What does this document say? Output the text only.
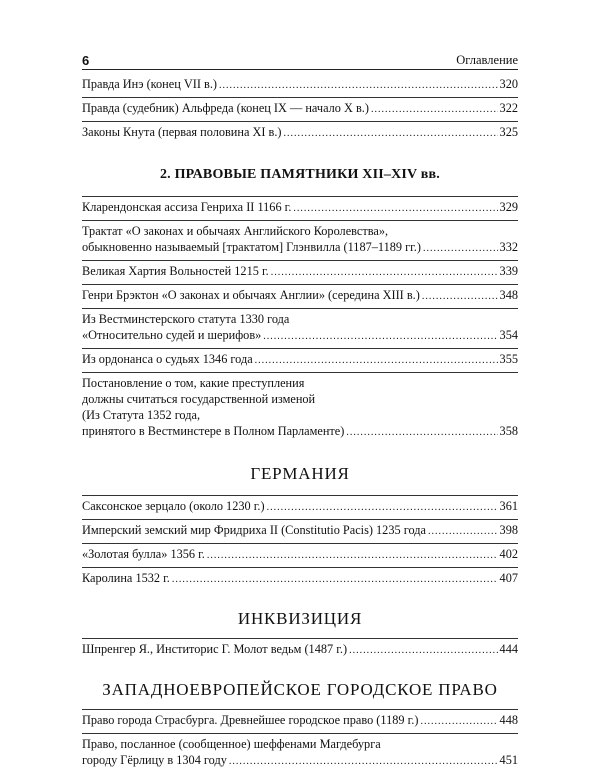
6	Оглавление
Правда Инэ (конец VII в.) .....	320
Правда (судебник) Альфреда (конец IX — начало X в.) .....	322
Законы Кнута (первая половина XI в.) .....	325
2. ПРАВОВЫЕ ПАМЯТНИКИ XII–XIV вв.
Кларендонская ассиза Генриха II 1166 г. .....	329
Трактат «О законах и обычаях Английского Королевства»,
обыкновенно называемый [трактатом] Глэнвилла (1187–1189 гг.) .....	332
Великая Хартия Вольностей 1215 г. .....	339
Генри Брэктон «О законах и обычаях Англии» (середина XIII в.) .....	348
Из Вестминстерского статута 1330 года
«Относительно судей и шерифов» .....	354
Из ордонанса о судьях 1346 года .....	355
Постановление о том, какие преступления
должны считаться государственной изменой
(Из Статута 1352 года,
принятого в Вестминстере в Полном Парламенте) .....	358
ГЕРМАНИЯ
Саксонское зерцало (около 1230 г.) .....	361
Имперский земский мир Фридриха II (Constitutio Pacis) 1235 года .....	398
«Золотая булла» 1356 г. .....	402
Каролина 1532 г. .....	407
ИНКВИЗИЦИЯ
Шпренгер Я., Инститорис Г. Молот ведьм (1487 г.) .....	444
ЗАПАДНОЕВРОПЕЙСКОЕ ГОРОДСКОЕ ПРАВО
Право города Страсбурга. Древнейшее городское право (1189 г.) .....	448
Право, посланное (сообщенное) шеффенами Магдебурга
городу Гёрлицу в 1304 году .....	451
